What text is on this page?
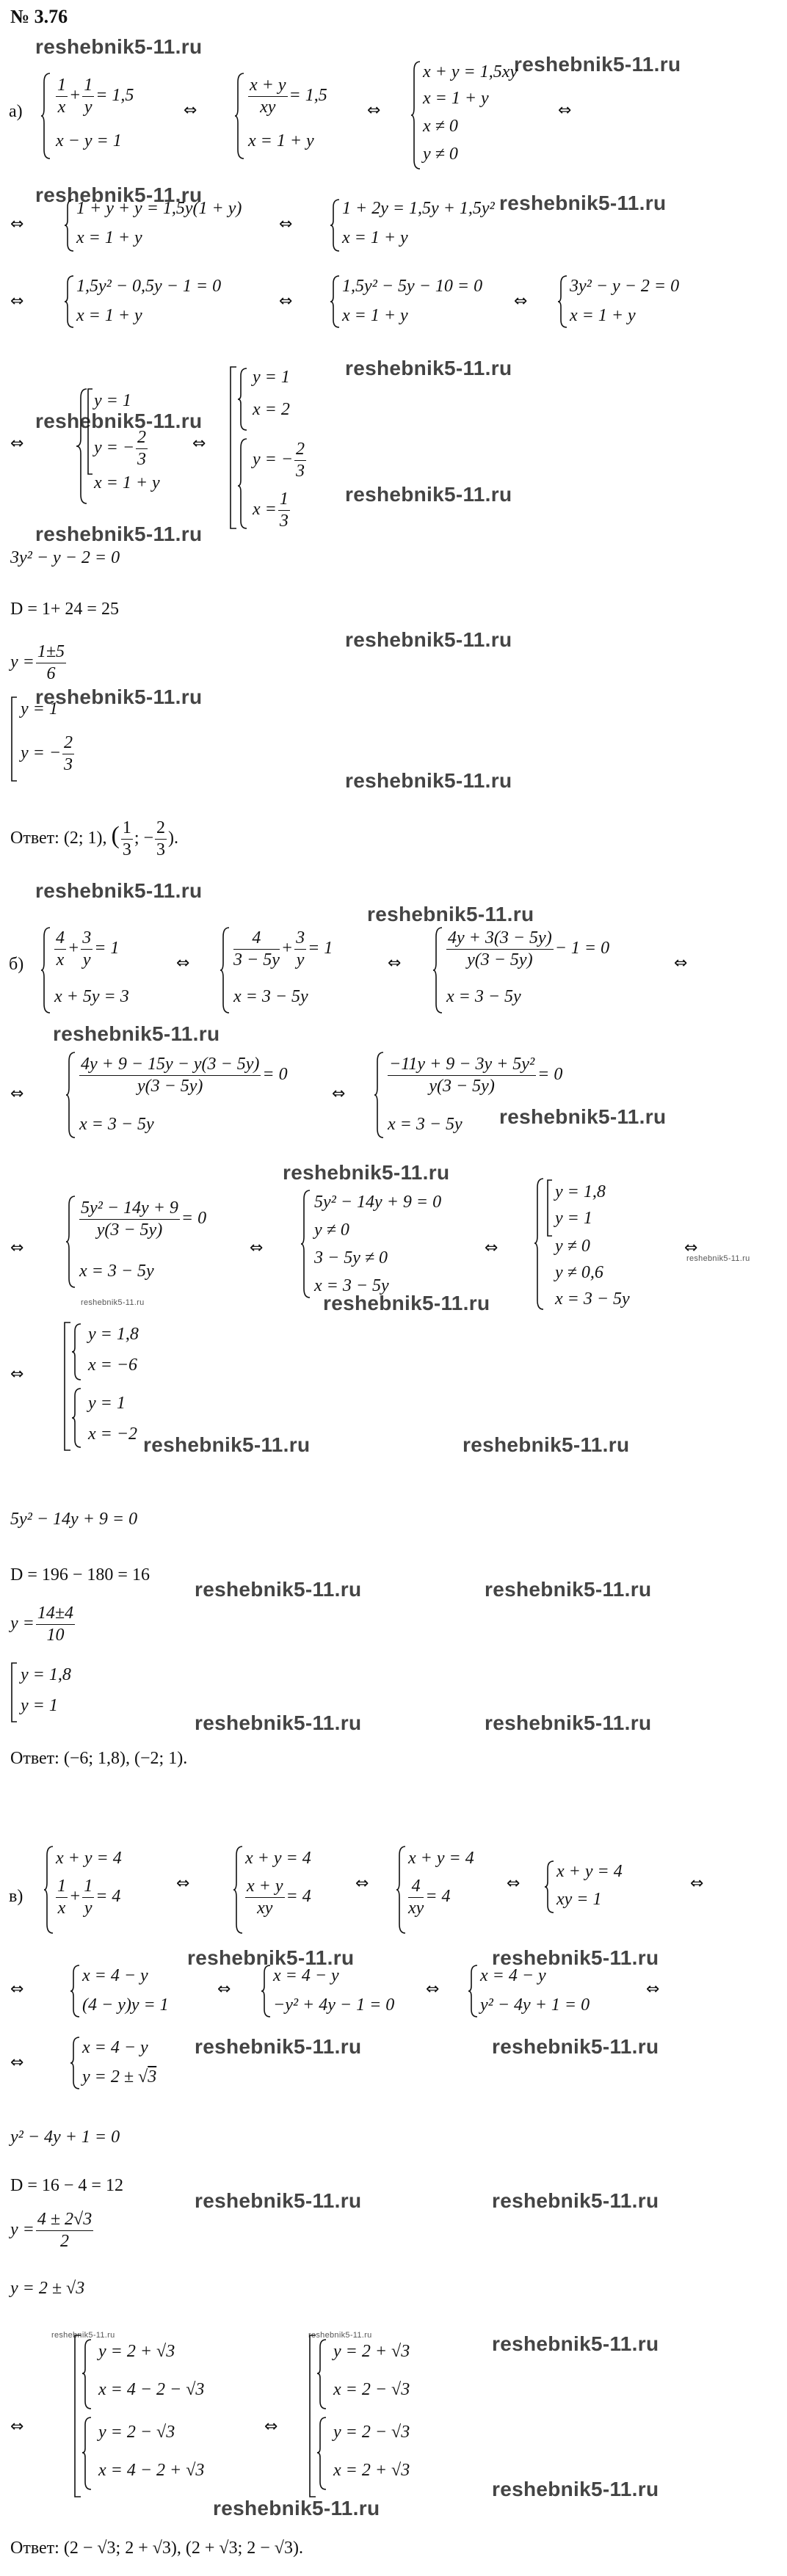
№ 3.76
reshebnik5-11.ru
reshebnik5-11.ru
reshebnik5-11.ru	reshebnik5-11.ru
reshebnik5-11.ru
reshebnik5-11.ru
reshebnik5-11.ru
reshebnik5-11.ru
reshebnik5-11.ru
reshebnik5-11.ru
reshebnik5-11.ru
reshebnik5-11.ru
reshebnik5-11.ru
reshebnik5-11.ru
reshebnik5-11.ru
reshebnik5-11.ru
reshebnik5-11.ru
reshebnik5-11.ru
reshebnik5-11.ru
reshebnik5-11.ru	reshebnik5-11.ru
reshebnik5-11.ru	reshebnik5-11.ru
reshebnik5-11.ru	reshebnik5-11.ru
reshebnik5-11.ru	reshebnik5-11.ru
reshebnik5-11.ru	reshebnik5-11.ru
reshebnik5-11.ru	reshebnik5-11.ru
reshebnik5-11.ru
reshebnik5-11.ru
reshebnik5-11.ru
reshebnik5-11.ru	reshebnik5-11.ru
$а) \frac{1}{x} + \frac{1}{y} = 1,5$
x − y = 1
⇔	$\frac{x + y}{xy} = 1,5$
x = 1 + y
⇔
x + y = 1,5xy
x = 1 + y
x ≠ 0
y ≠ 0
⇔
⇔
1 + y + y = 1,5y(1 + y)
x = 1 + y
⇔
1 + 2y = 1,5y + 1,5y²
x = 1 + y
⇔
1,5y² − 0,5y − 1 = 0
x = 1 + y
⇔
1,5y² − 5y − 10 = 0
x = 1 + y
⇔
3y² − y − 2 = 0
x = 1 + y
⇔
y = 1
y = − $\frac{2}{3}$
x = 1 + y
⇔
y = 1
x = 2
y = − $\frac{2}{3}$
$x = \frac{1}{3}$
3y² − y − 2 = 0
D = 1+ 24 = 25
$y = \frac{1\pm 5}{6}$
y = 1
y = − $\frac{2}{3}$
Ответ: (2; 1), ( $\frac{1}{3}$ ; − $\frac{2}{3}$ ).
$б) \frac{4}{x} + \frac{3}{y} = 1$
x + 5y = 3
⇔ $\frac{4}{3 - 5y} + \frac{3}{y} = 1$
x = 3 − 5y
⇔	$\frac{4y + 3(3 - 5y)}{y(3 - 5y)} - 1 = 0$
x = 3 − 5y
⇔
⇔	$\frac{4y + 9 - 15y - y(3 - 5y)}{y(3 - 5y)} = 0$
x = 3 − 5y
⇔ $\frac{\text{−11y + 9 − 3y + 5y²}}{y(3 - 5y)} = 0$
x = 3 − 5y
⇔
$\frac{\text{5y² − 14y + 9}}{y(3 - 5y)} = 0$
x = 3 − 5y
⇔
5y² − 14y + 9 = 0
y ≠ 0
3 − 5y ≠ 0
x = 3 − 5y
⇔
y = 1,8
y = 1
y ≠ 0
y ≠ 0,6
x = 3 − 5y
⇔
⇔
y = 1,8
x = −6
y = 1
x = −2
5y² − 14y + 9 = 0
D = 196 − 180 = 16
$y = \frac{14\pm 4}{10}$
y = 1,8
y = 1
Ответ: (−6; 1,8), (−2; 1).
в)
x + y = 4
$\frac{1}{x} + \frac{1}{y} = 4$
⇔
x + y = 4
$\frac{x + y}{xy} = 4$
⇔
x + y = 4
$\frac{4}{xy} = 4$
⇔
x + y = 4
xy = 1
⇔
⇔
x = 4 − y
(4 − y)y = 1
⇔
x = 4 − y
−y² + 4y − 1 = 0
⇔
x = 4 − y
y² − 4y + 1 = 0
⇔
⇔
x = 4 − y
y = 2 ± √3
y² − 4y + 1 = 0
D = 16 − 4 = 12
$y = \frac{4 \pm 2√3}{2}$
y = 2 ± √3
⇔
y = 2 + √3
x = 4 − 2 − √3
y = 2 − √3
x = 4 − 2 + √3
⇔
y = 2 + √3
x = 2 − √3
y = 2 − √3
x = 2 + √3
Ответ: (2 − √3; 2 + √3), (2 + √3; 2 − √3).
